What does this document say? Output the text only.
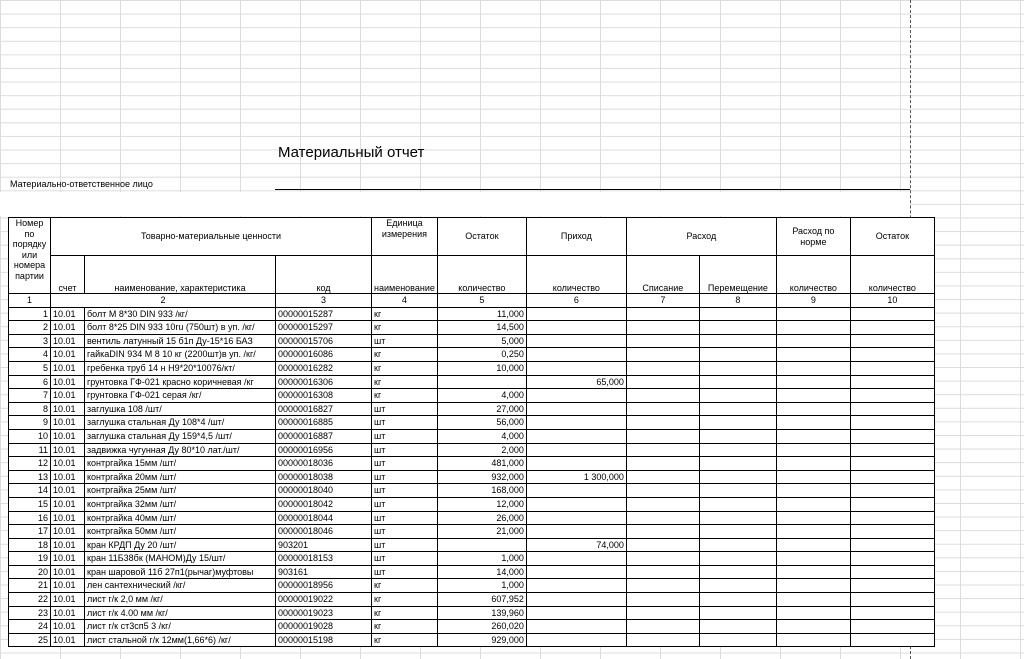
Материальный отчет
Материально-ответственное лицо
Номер по порядку или номера партии	Товарно-материальные ценности			Единица измерения	Остаток	Приход	Расход		Расход по норме	Остаток
	счет	наименование, характеристика	код	наименование	количество	количество	Списание	Перемещение	количество	количество
1	2		3	4	5	6	7	8	9	10
1	10.01	болт М 8*30 DIN 933 /кг/	00000015287	кг	11,000					
2	10.01	болт 8*25 DIN 933 10ru (750шт) в уп. /кг/	00000015297	кг	14,500					
3	10.01	вентиль латунный 15 б1п Ду-15*16 БАЗ	00000015706	шт	5,000					
4	10.01	гайкаDIN 934 М 8 10 кг (2200шт)в уп. /кг/	00000016086	кг	0,250					
5	10.01	гребенка труб 14 н Н9*20*10076/кт/	00000016282	кг	10,000					
6	10.01	грунтовка ГФ-021 красно коричневая /кг	00000016306	кг		65,000				
7	10.01	грунтовка ГФ-021 серая /кг/	00000016308	кг	4,000					
8	10.01	заглушка 108 /шт/	00000016827	шт	27,000					
9	10.01	заглушка стальная Ду 108*4 /шт/	00000016885	шт	56,000					
10	10.01	заглушка стальная Ду 159*4,5 /шт/	00000016887	шт	4,000					
11	10.01	задвижка чугунная Ду 80*10 лат./шт/	00000016956	шт	2,000					
12	10.01	контргайка 15мм /шт/	00000018036	шт	481,000					
13	10.01	контргайка 20мм /шт/	00000018038	шт	932,000	1 300,000				
14	10.01	контргайка 25мм /шт/	00000018040	шт	168,000					
15	10.01	контргайка 32мм /шт/	00000018042	шт	12,000					
16	10.01	контргайка 40мм /шт/	00000018044	шт	26,000					
17	10.01	контргайка 50мм /шт/	00000018046	шт	21,000					
18	10.01	кран КРДП Ду 20 /шт/	903201	шт		74,000				
19	10.01	кран 11Б38бк (МАНОМ)Ду 15/шт/	00000018153	шт	1,000					
20	10.01	кран шаровой 11б 27п1(рычаг)муфтовы	903161	шт	14,000					
21	10.01	лен сантехнический /кг/	00000018956	кг	1,000					
22	10.01	лист г/к 2,0 мм /кг/	00000019022	кг	607,952					
23	10.01	лист г/к 4.00 мм /кг/	00000019023	кг	139,960					
24	10.01	лист г/к ст3сп5 3 /кг/	00000019028	кг	260,020					
25	10.01	лист стальной г/к 12мм(1,66*6) /кг/	00000015198	кг	929,000					
